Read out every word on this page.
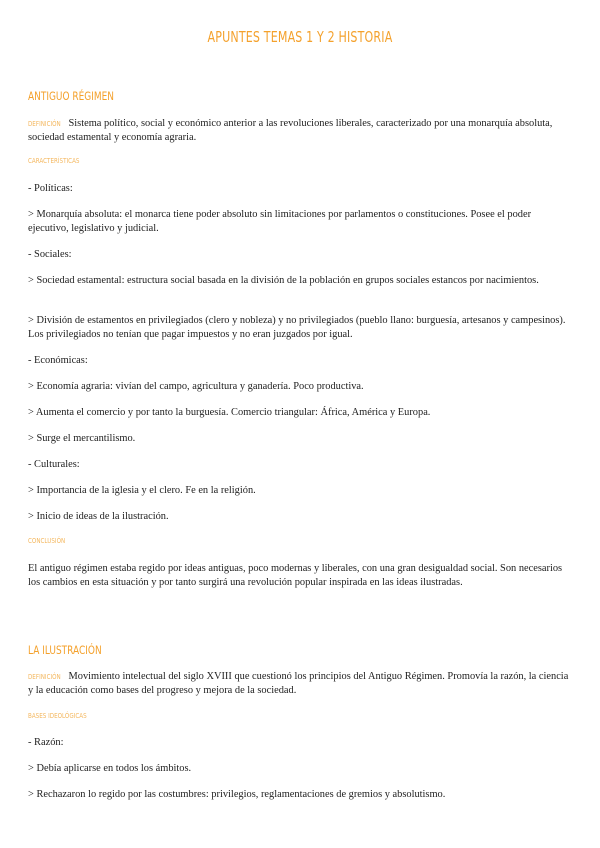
APUNTES TEMAS 1 Y 2 HISTORIA
ANTIGUO RÉGIMEN
DEFINICIÓN Sistema político, social y económico anterior a las revoluciones liberales, caracterizado por una monarquía absoluta, sociedad estamental y economía agraria.
CARACTERÍSTICAS
- Políticas:
> Monarquía absoluta: el monarca tiene poder absoluto sin limitaciones por parlamentos o constituciones. Posee el poder ejecutivo, legislativo y judicial.
- Sociales:
> Sociedad estamental: estructura social basada en la división de la población en grupos sociales estancos por nacimientos.
> División de estamentos en privilegiados (clero y nobleza) y no privilegiados (pueblo llano: burguesía, artesanos y campesinos). Los privilegiados no tenían que pagar impuestos y no eran juzgados por igual.
- Económicas:
> Economía agraria: vivían del campo, agricultura y ganadería. Poco productiva.
> Aumenta el comercio y por tanto la burguesía. Comercio triangular: África, América y Europa.
> Surge el mercantilismo.
- Culturales:
> Importancia de la iglesia y el clero. Fe en la religión.
> Inicio de ideas de la ilustración.
CONCLUSIÓN
El antiguo régimen estaba regido por ideas antiguas, poco modernas y liberales, con una gran desigualdad social. Son necesarios los cambios en esta situación y por tanto surgirá una revolución popular inspirada en las ideas ilustradas.
LA ILUSTRACIÓN
DEFINICIÓN Movimiento intelectual del siglo XVIII que cuestionó los principios del Antiguo Régimen. Promovía la razón, la ciencia y la educación como bases del progreso y mejora de la sociedad.
BASES IDEOLÓGICAS
- Razón:
> Debía aplicarse en todos los ámbitos.
> Rechazaron lo regido por las costumbres: privilegios, reglamentaciones de gremios y absolutismo.
